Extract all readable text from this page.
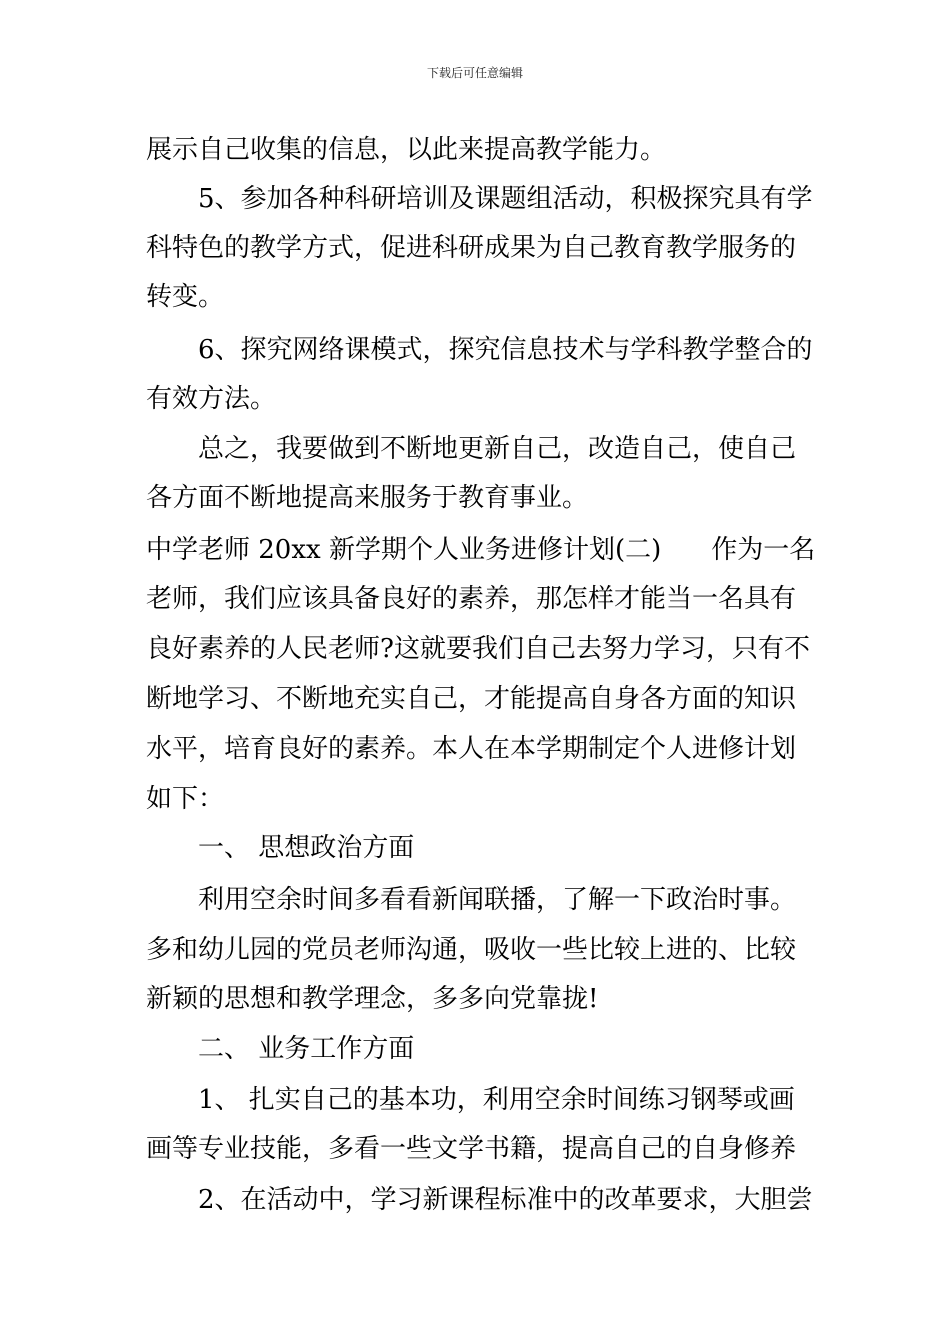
下载后可任意编辑
展示自己收集的信息，以此来提高教学能力。
5、参加各种科研培训及课题组活动，积极探究具有学
科特色的教学方式，促进科研成果为自己教育教学服务的
转变。
6、探究网络课模式，探究信息技术与学科教学整合的
有效方法。
总之，我要做到不断地更新自己，改造自己，使自己
各方面不断地提高来服务于教育事业。
中学老师 20xx 新学期个人业务进修计划(二) 作为一名
老师，我们应该具备良好的素养，那怎样才能当一名具有
良好素养的人民老师?这就要我们自己去努力学习，只有不
断地学习、不断地充实自己，才能提高自身各方面的知识
水平，培育良好的素养。本人在本学期制定个人进修计划
如下：
一、 思想政治方面
利用空余时间多看看新闻联播，了解一下政治时事。
多和幼儿园的党员老师沟通，吸收一些比较上进的、比较
新颖的思想和教学理念，多多向党靠拢!
二、 业务工作方面
1、 扎实自己的基本功，利用空余时间练习钢琴或画
画等专业技能，多看一些文学书籍，提高自己的自身修养
2、在活动中，学习新课程标准中的改革要求，大胆尝
